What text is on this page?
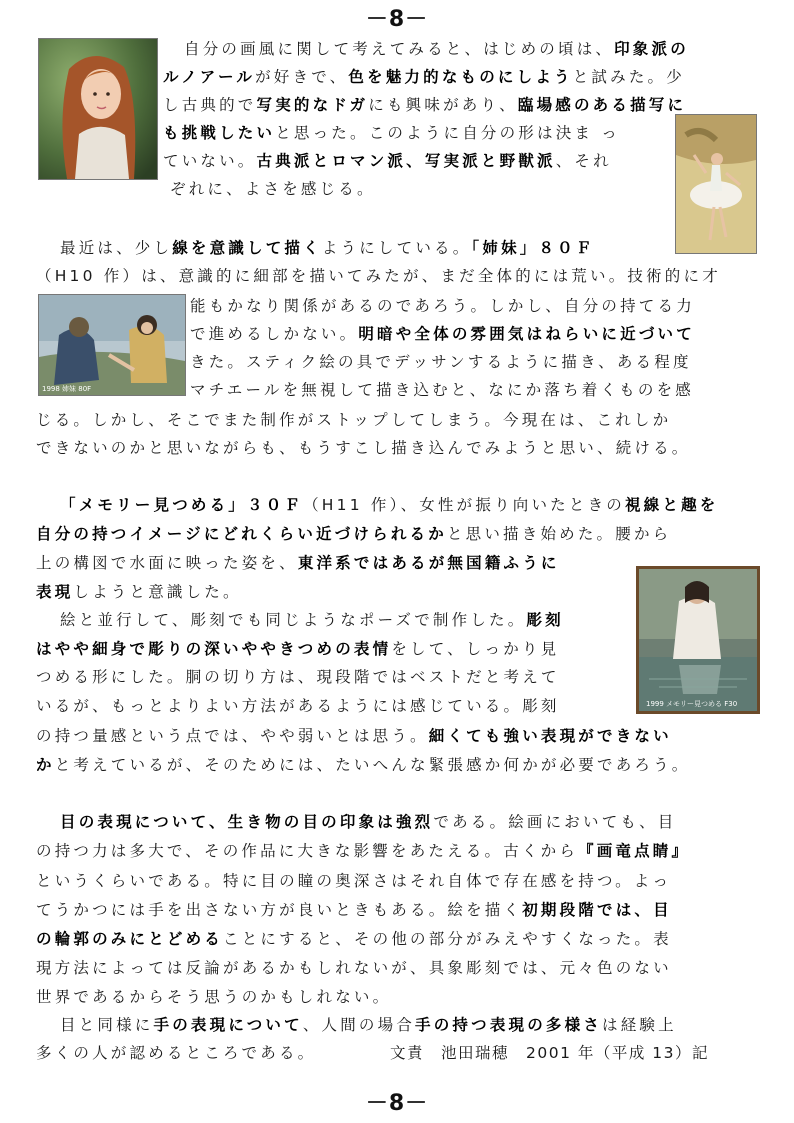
－8－
1998 姉妹 80F
1999 メモリー見つめる F30
自分の画風に関して考えてみると、はじめの頃は、印象派の
ルノアールが好きで、色を魅力的なものにしようと試みた。少
し古典的で写実的なドガにも興味があり、臨場感のある描写に
も挑戦したいと思った。このように自分の形は決ま っ
ていない。古典派とロマン派、写実派と野獣派、それ
ぞれに、よさを感じる。
最近は、少し線を意識して描くようにしている。「姉妹」８０Ｆ
（H10 作）は、意識的に細部を描いてみたが、まだ全体的には荒い。技術的に才
能もかなり関係があるのであろう。しかし、自分の持てる力
で進めるしかない。明暗や全体の雰囲気はねらいに近づいて
きた。スティク絵の具でデッサンするように描き、ある程度
マチエールを無視して描き込むと、なにか落ち着くものを感
じる。しかし、そこでまた制作がストップしてしまう。今現在は、これしか
できないのかと思いながらも、もうすこし描き込んでみようと思い、続ける。
「メモリー見つめる」３０Ｆ（H11 作）、女性が振り向いたときの視線と趣を
自分の持つイメージにどれくらい近づけられるかと思い描き始めた。腰から
上の構図で水面に映った姿を、東洋系ではあるが無国籍ふうに
表現しようと意識した。
絵と並行して、彫刻でも同じようなポーズで制作した。彫刻
はやや細身で彫りの深いややきつめの表情をして、しっかり見
つめる形にした。胴の切り方は、現段階ではベストだと考えて
いるが、もっとよりよい方法があるようには感じている。彫刻
の持つ量感という点では、やや弱いとは思う。細くても強い表現ができない
かと考えているが、そのためには、たいへんな緊張感か何かが必要であろう。
目の表現について、生き物の目の印象は強烈である。絵画においても、目
の持つ力は多大で、その作品に大きな影響をあたえる。古くから『画竜点睛』
というくらいである。特に目の瞳の奥深さはそれ自体で存在感を持つ。よっ
てうかつには手を出さない方が良いときもある。絵を描く初期段階では、目
の輪郭のみにとどめることにすると、その他の部分がみえやすくなった。表
現方法によっては反論があるかもしれないが、具象彫刻では、元々色のない
世界であるからそう思うのかもしれない。
目と同様に手の表現について、人間の場合手の持つ表現の多様さは経験上
多くの人が認めるところである。	文責　池田瑞穂　2001 年（平成 13）記
－8－
